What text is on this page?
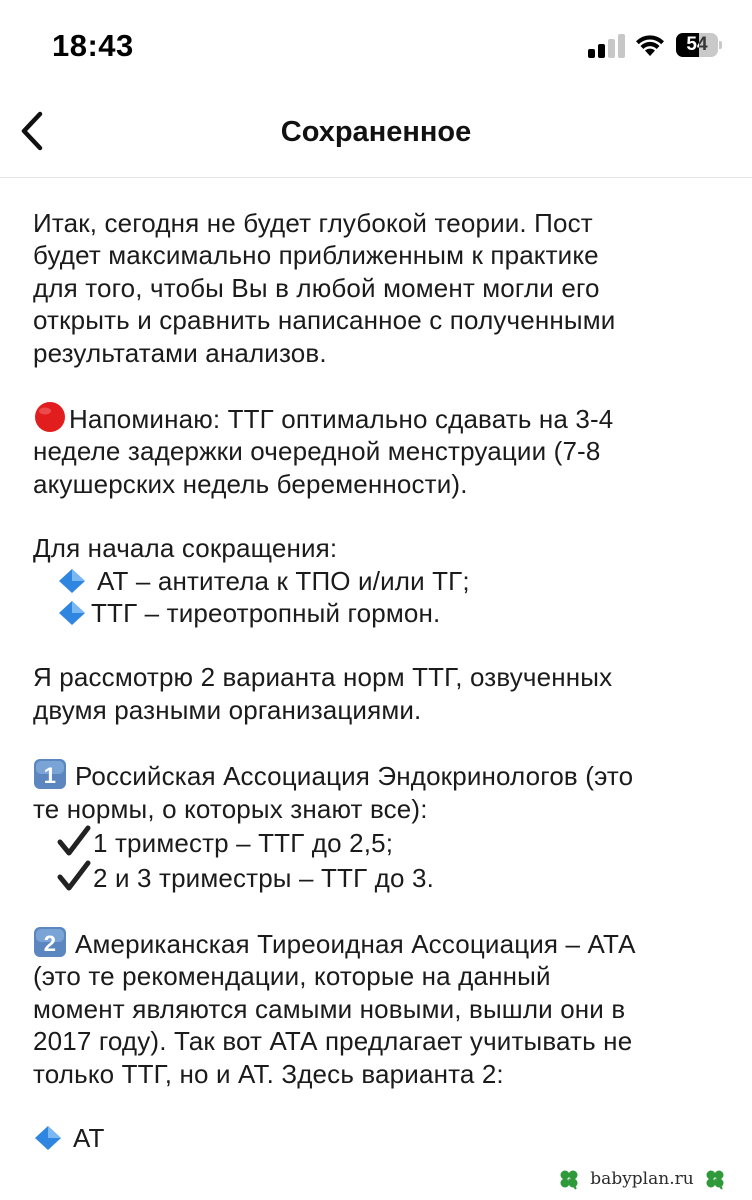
18:43	54
Сохраненное
Итак, сегодня не будет глубокой теории. Пост
будет максимально приближенным к практике
для того, чтобы Вы в любой момент могли его
открыть и сравнить написанное с полученными
результатами анализов.
Напоминаю: ТТГ оптимально сдавать на 3-4
неделе задержки очередной менструации (7-8
акушерских недель беременности).
Для начала сокращения:
АТ – антитела к ТПО и/или ТГ;
ТТГ – тиреотропный гормон.
Я рассмотрю 2 варианта норм ТТГ, озвученных
двумя разными организациями.
1 Российская Ассоциация Эндокринологов (это
те нормы, о которых знают все):
1 триместр – ТТГ до 2,5;
2 и 3 триместры – ТТГ до 3.
2 Американская Тиреоидная Ассоциация – АТА
(это те рекомендации, которые на данный
момент являются самыми новыми, вышли они в
2017 году). Так вот АТА предлагает учитывать не
только ТТГ, но и АТ. Здесь варианта 2:
АТ
babyplan.ru
